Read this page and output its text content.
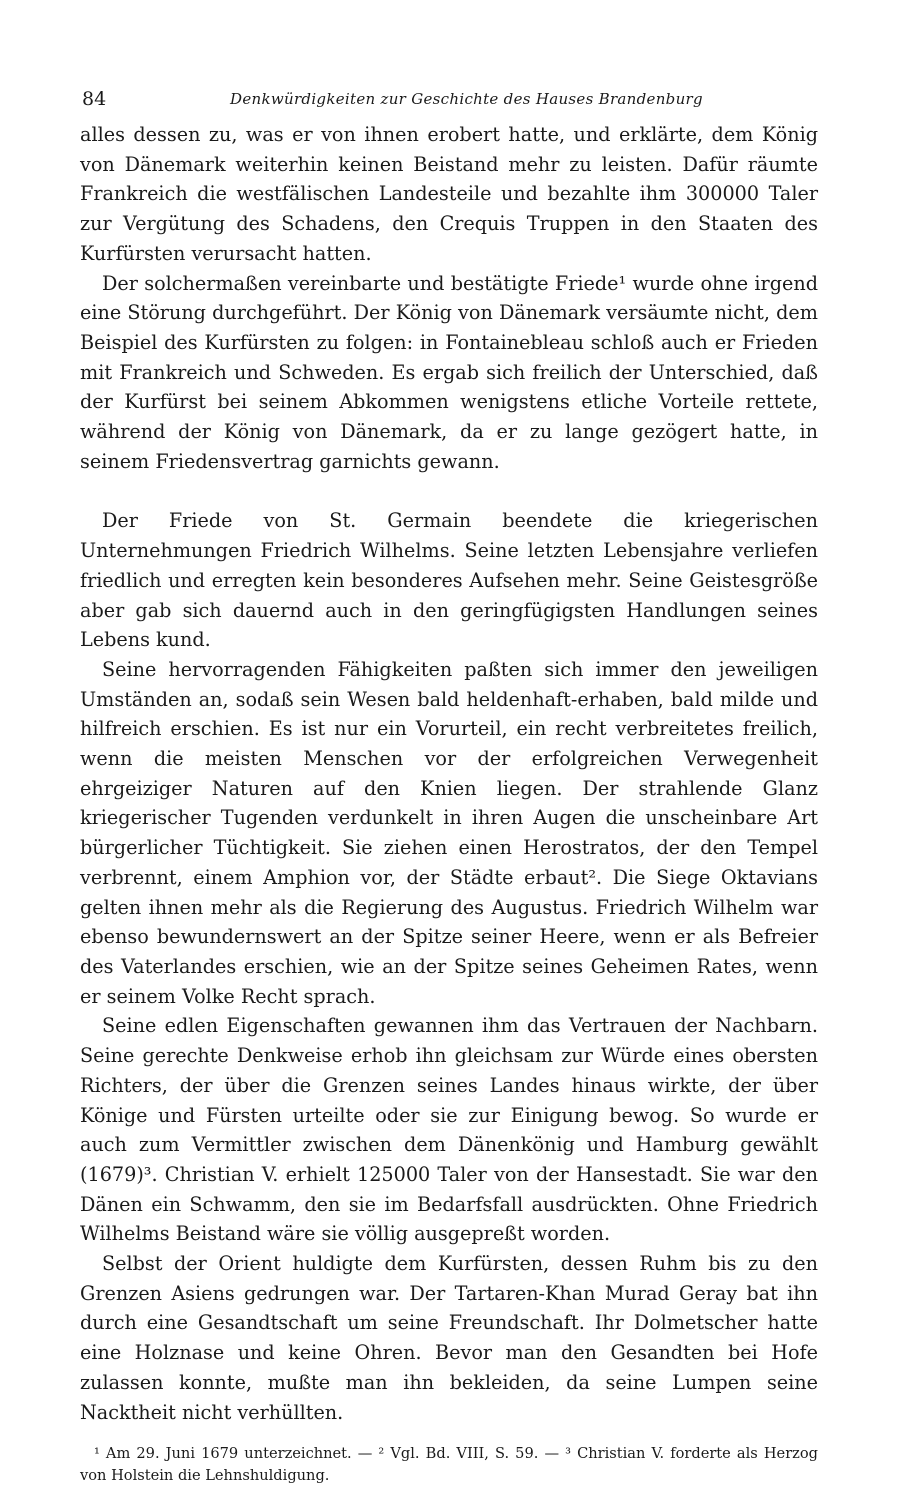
84	Denkwürdigkeiten zur Geschichte des Hauses Brandenburg

alles dessen zu, was er von ihnen erobert hatte, und erklärte, dem König von Dänemark weiterhin keinen Beistand mehr zu leisten. Dafür räumte Frankreich die westfälischen Landesteile und bezahlte ihm 300000 Taler zur Vergütung des Schadens, den Crequis Truppen in den Staaten des Kurfürsten verursacht hatten.

Der solchermaßen vereinbarte und bestätigte Friede¹ wurde ohne irgend eine Störung durchgeführt. Der König von Dänemark versäumte nicht, dem Beispiel des Kurfürsten zu folgen: in Fontainebleau schloß auch er Frieden mit Frankreich und Schweden. Es ergab sich freilich der Unterschied, daß der Kurfürst bei seinem Abkommen wenigstens etliche Vorteile rettete, während der König von Dänemark, da er zu lange gezögert hatte, in seinem Friedensvertrag garnichts gewann.

Der Friede von St. Germain beendete die kriegerischen Unternehmungen Friedrich Wilhelms. Seine letzten Lebensjahre verliefen friedlich und erregten kein besonderes Aufsehen mehr. Seine Geistesgröße aber gab sich dauernd auch in den geringfügigsten Handlungen seines Lebens kund.

Seine hervorragenden Fähigkeiten paßten sich immer den jeweiligen Umständen an, sodaß sein Wesen bald heldenhaft-erhaben, bald milde und hilfreich erschien. Es ist nur ein Vorurteil, ein recht verbreitetes freilich, wenn die meisten Menschen vor der erfolgreichen Verwegenheit ehrgeiziger Naturen auf den Knien liegen. Der strahlende Glanz kriegerischer Tugenden verdunkelt in ihren Augen die unscheinbare Art bürgerlicher Tüchtigkeit. Sie ziehen einen Herostratos, der den Tempel verbrennt, einem Amphion vor, der Städte erbaut². Die Siege Oktavians gelten ihnen mehr als die Regierung des Augustus. Friedrich Wilhelm war ebenso bewundernswert an der Spitze seiner Heere, wenn er als Befreier des Vaterlandes erschien, wie an der Spitze seines Geheimen Rates, wenn er seinem Volke Recht sprach.

Seine edlen Eigenschaften gewannen ihm das Vertrauen der Nachbarn. Seine gerechte Denkweise erhob ihn gleichsam zur Würde eines obersten Richters, der über die Grenzen seines Landes hinaus wirkte, der über Könige und Fürsten urteilte oder sie zur Einigung bewog. So wurde er auch zum Vermittler zwischen dem Dänenkönig und Hamburg gewählt (1679)³. Christian V. erhielt 125000 Taler von der Hansestadt. Sie war den Dänen ein Schwamm, den sie im Bedarfsfall ausdrückten. Ohne Friedrich Wilhelms Beistand wäre sie völlig ausgepreßt worden.

Selbst der Orient huldigte dem Kurfürsten, dessen Ruhm bis zu den Grenzen Asiens gedrungen war. Der Tartaren-Khan Murad Geray bat ihn durch eine Gesandtschaft um seine Freundschaft. Ihr Dolmetscher hatte eine Holznase und keine Ohren. Bevor man den Gesandten bei Hofe zulassen konnte, mußte man ihn bekleiden, da seine Lumpen seine Nacktheit nicht verhüllten.

¹ Am 29. Juni 1679 unterzeichnet. — ² Vgl. Bd. VIII, S. 59. — ³ Christian V. forderte als Herzog von Holstein die Lehnshuldigung.
